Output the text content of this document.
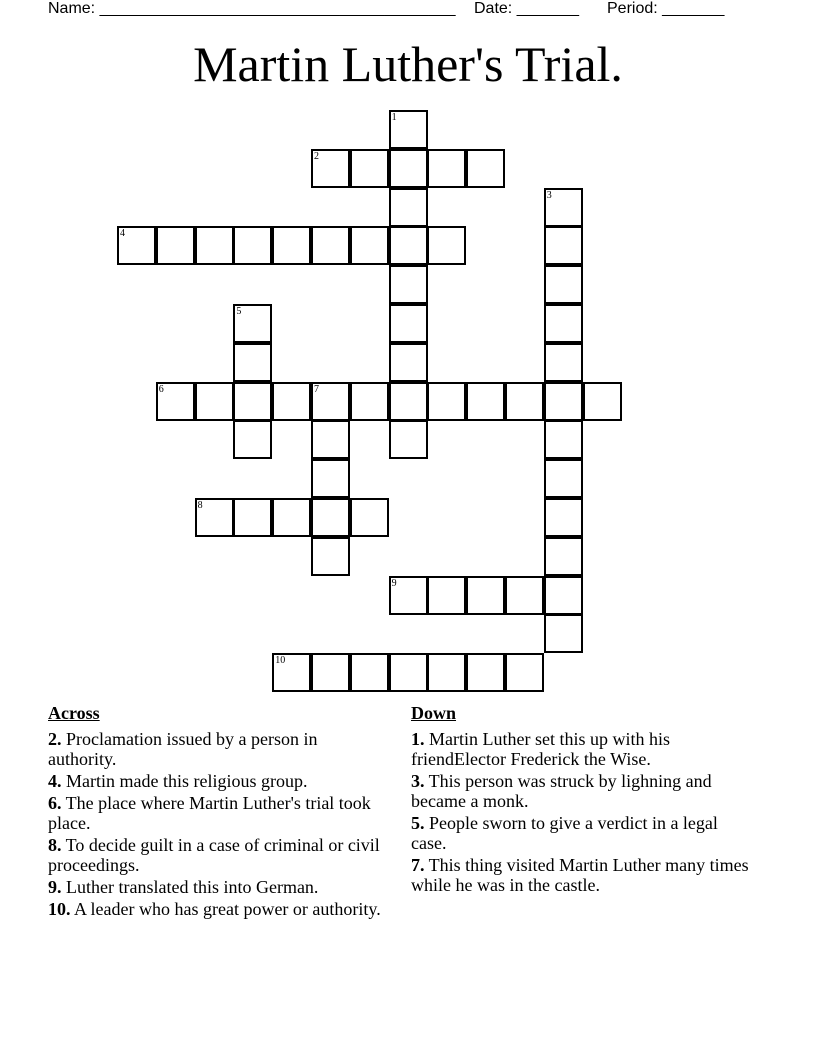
Name: ________________________________________

Date: _______

Period: _______

Martin Luther's Trial.
1
2
3
4
5
6	7
8
9
10
Across
2. Proclamation issued by a person in authority.
4. Martin made this religious group.
6. The place where Martin Luther's trial took place.
8. To decide guilt in a case of criminal or civil proceedings.
9. Luther translated this into German.
10. A leader who has great power or authority.
Down
1. Martin Luther set this up with his friendElector Frederick the Wise.
3. This person was struck by lighning and became a monk.
5. People sworn to give a verdict in a legal case.
7. This thing visited Martin Luther many times while he was in the castle.
